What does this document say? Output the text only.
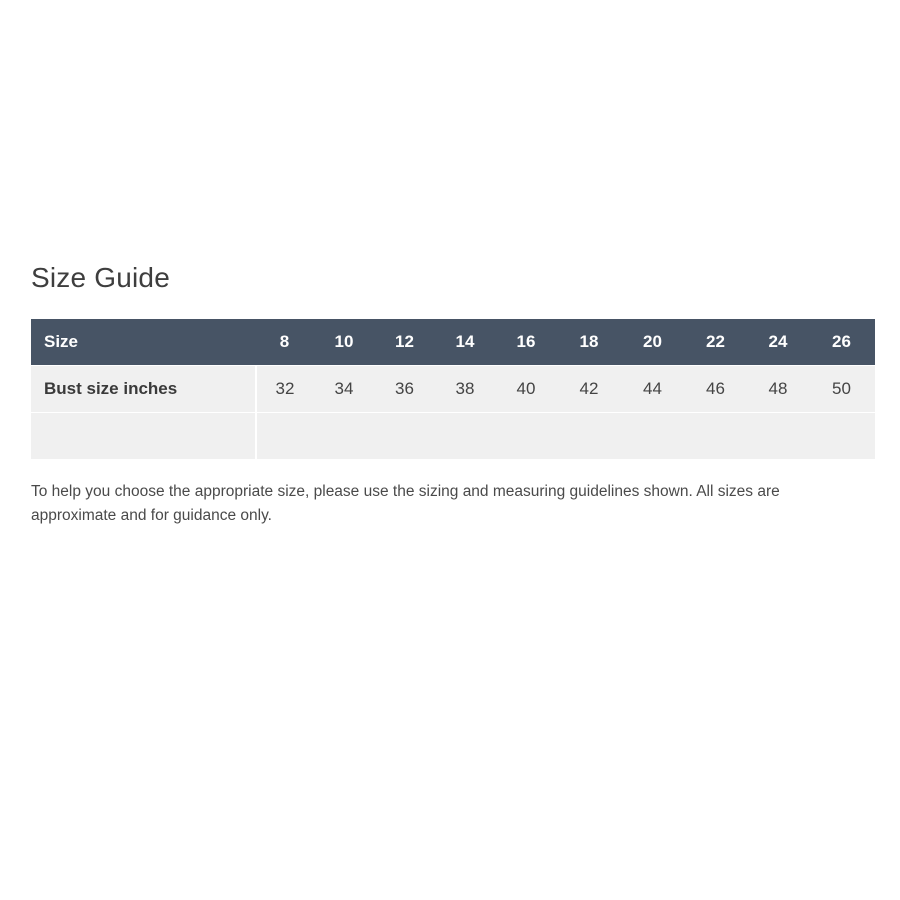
Size Guide
Size	8	10	12	14	16	18	20	22	24	26
Bust size inches	32	34	36	38	40	42	44	46	48	50

To help you choose the appropriate size, please use the sizing and measuring guidelines shown. All sizes are approximate and for guidance only.
